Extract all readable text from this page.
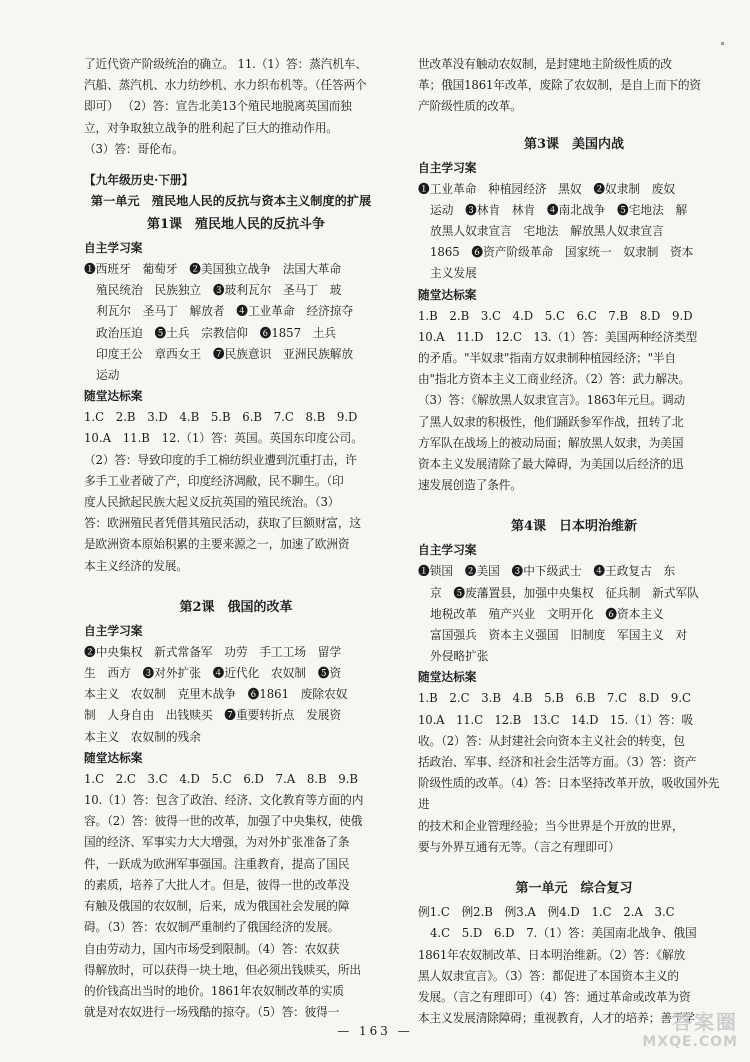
了近代资产阶级统治的确立。 11.（1）答：蒸汽机车、

汽船、蒸汽机、水力纺纱机、水力织布机等。（任答两个

即可） （2）答：宣告北美13个殖民地脱离英国而独

立，对争取独立战争的胜利起了巨大的推动作用。

（3）答：哥伦布。

【九年级历史·下册】

第一单元　殖民地人民的反抗与资本主义制度的扩展

第1课　殖民地人民的反抗斗争

自主学习案

❶西班牙　葡萄牙　❷美国独立战争　法国大革命

殖民统治　民族独立　❸玻利瓦尔　圣马丁　玻

利瓦尔　圣马丁　解放者　❹工业革命　经济掠夺

政治压迫　❺土兵　宗教信仰　❻1857　土兵

印度王公　章西女王　❼民族意识　亚洲民族解放

运动

随堂达标案

1.C　2.B　3.D　4.B　5.B　6.B　7.C　8.B　9.D

10.A　11.B　12.（1）答：英国。英国东印度公司。

（2）答：导致印度的手工棉纺织业遭到沉重打击，许

多手工业者破了产，印度经济凋敝，民不聊生。（印

度人民掀起民族大起义反抗英国的殖民统治。（3）

答：欧洲殖民者凭借其殖民活动，获取了巨额财富，这

是欧洲资本原始积累的主要来源之一，加速了欧洲资

本主义经济的发展。

第2课　俄国的改革

自主学习案

❷中央集权　新式常备军　功劳　手工工场　留学

生　西方　❸对外扩张　❹近代化　农奴制　❺资

本主义　农奴制　克里木战争　❻1861　废除农奴

制　人身自由　出钱赎买　❼重要转折点　发展资

本主义　农奴制的残余

随堂达标案

1.C　2.C　3.C　4.D　5.C　6.D　7.A　8.B　9.B

10.（1）答：包含了政治、经济、文化教育等方面的内

容。（2）答：彼得一世的改革，加强了中央集权，使俄

国的经济、军事实力大大增强，为对外扩张准备了条

件，一跃成为欧洲军事强国。注重教育，提高了国民

的素质，培养了大批人才。但是，彼得一世的改革没

有触及俄国的农奴制，后来，成为俄国社会发展的障

碍。（3）答：农奴制严重制约了俄国经济的发展。

自由劳动力，国内市场受到限制。（4）答：农奴获

得解放时，可以获得一块土地，但必须出钱赎买，所出

的价钱高出当时的地价。1861年农奴制改革的实质

就是对农奴进行一场残酷的掠夺。（5）答：彼得一

世改革没有触动农奴制，是封建地主阶级性质的改

革；俄国1861年改革，废除了农奴制，是自上而下的资

产阶级性质的改革。

第3课　美国内战

自主学习案

❶工业革命　种植园经济　黑奴　❷奴隶制　废奴

运动　❸林肯　林肯　❹南北战争　❺宅地法　解

放黑人奴隶宣言　宅地法　解放黑人奴隶宣言

1865　❻资产阶级革命　国家统一　奴隶制　资本

主义发展

随堂达标案

1.B　2.B　3.C　4.D　5.C　6.C　7.B　8.D　9.D

10.A　11.D　12.C　13.（1）答：美国两种经济类型

的矛盾。"半奴隶"指南方奴隶制种植园经济；"半自

由"指北方资本主义工商业经济。（2）答：武力解决。

（3）答：《解放黑人奴隶宣言》。1863年元旦。调动

了黑人奴隶的积极性，他们踊跃参军作战，扭转了北

方军队在战场上的被动局面；解放黑人奴隶，为美国

资本主义发展清除了最大障碍，为美国以后经济的迅

速发展创造了条件。

第4课　日本明治维新

自主学习案

❶锁国　❷美国　❸中下级武士　❹王政复古　东

京　❺废藩置县，加强中央集权　征兵制　新式军队

地税改革　殖产兴业　文明开化　❻资本主义

富国强兵　资本主义强国　旧制度　军国主义　对

外侵略扩张

随堂达标案

1.B　2.C　3.B　4.B　5.B　6.B　7.C　8.D　9.C

10.A　11.C　12.B　13.C　14.D　15.（1）答：吸

收。（2）答：从封建社会向资本主义社会的转变，包

括政治、军事、经济和社会生活等方面。（3）答：资产

阶级性质的改革。（4）答：日本坚持改革开放，吸收国外先进

的技术和企业管理经验；当今世界是个开放的世界，

要与外界互通有无等。（言之有理即可）

第一单元　综合复习

例1.C　例2.B　例3.A　例4.D　1.C　2.A　3.C

4.C　5.D　6.D　7.（1）答：美国南北战争、俄国

1861年农奴制改革、日本明治维新。（2）答：《解放

黑人奴隶宣言》。（3）答：都促进了本国资本主义的

发展。（言之有理即可）（4）答：通过革命或改革为资

本主义发展清除障碍；重视教育，人才的培养；善于学

— 163 —	答案圈
MXQE.COM
